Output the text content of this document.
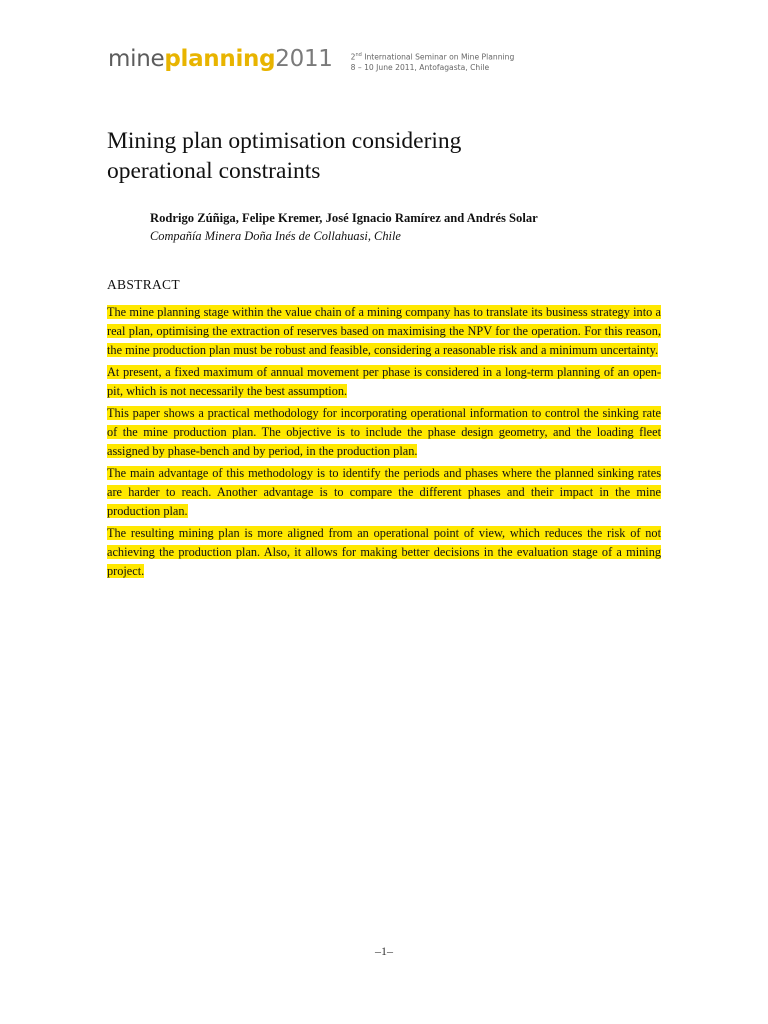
mineplanning2011 2nd International Seminar on Mine Planning
8 – 10 June 2011, Antofagasta, Chile
Mining plan optimisation considering
operational constraints
Rodrigo Zúñiga, Felipe Kremer, José Ignacio Ramírez and Andrés Solar
Compañía Minera Doña Inés de Collahuasi, Chile
ABSTRACT

The mine planning stage within the value chain of a mining company has to translate its business strategy into a real plan, optimising the extraction of reserves based on maximising the NPV for the operation. For this reason, the mine production plan must be robust and feasible, considering a reasonable risk and a minimum uncertainty.

At present, a fixed maximum of annual movement per phase is considered in a long-term planning of an open-pit, which is not necessarily the best assumption.

This paper shows a practical methodology for incorporating operational information to control the sinking rate of the mine production plan. The objective is to include the phase design geometry, and the loading fleet assigned by phase-bench and by period, in the production plan.

The main advantage of this methodology is to identify the periods and phases where the planned sinking rates are harder to reach. Another advantage is to compare the different phases and their impact in the mine production plan.

The resulting mining plan is more aligned from an operational point of view, which reduces the risk of not achieving the production plan. Also, it allows for making better decisions in the evaluation stage of a mining project.

–1–
